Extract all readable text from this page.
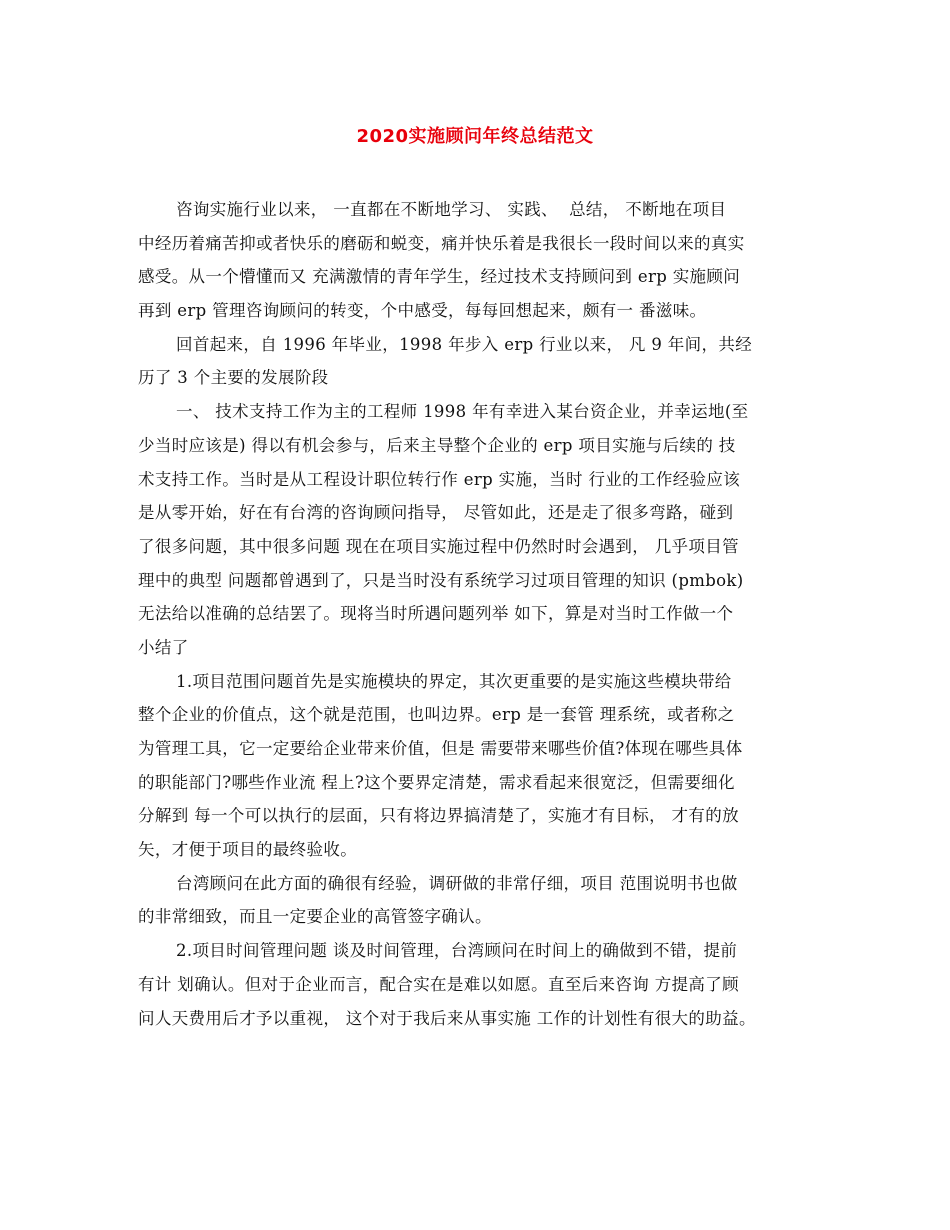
2020实施顾问年终总结范文
咨询实施行业以来， 一直都在不断地学习、 实践、  总结， 不断地在项目
中经历着痛苦抑或者快乐的磨砺和蜕变，痛并快乐着是我很长一段时间以来的真实
感受。从一个懵懂而又 充满激情的青年学生，经过技术支持顾问到 erp 实施顾问
再到 erp 管理咨询顾问的转变，个中感受，每每回想起来，颇有一 番滋味。
回首起来，自 1996 年毕业，1998 年步入 erp 行业以来， 凡 9 年间，共经
历了 3 个主要的发展阶段
一、 技术支持工作为主的工程师 1998 年有幸进入某台资企业，并幸运地(至
少当时应该是) 得以有机会参与，后来主导整个企业的 erp 项目实施与后续的 技
术支持工作。当时是从工程设计职位转行作 erp 实施，当时 行业的工作经验应该
是从零开始，好在有台湾的咨询顾问指导， 尽管如此，还是走了很多弯路，碰到
了很多问题，其中很多问题 现在在项目实施过程中仍然时时会遇到， 几乎项目管
理中的典型 问题都曾遇到了，只是当时没有系统学习过项目管理的知识 (pmbok)
无法给以准确的总结罢了。现将当时所遇问题列举 如下，算是对当时工作做一个
小结了
1.项目范围问题首先是实施模块的界定，其次更重要的是实施这些模块带给
整个企业的价值点，这个就是范围，也叫边界。erp 是一套管 理系统，或者称之
为管理工具，它一定要给企业带来价值，但是 需要带来哪些价值?体现在哪些具体
的职能部门?哪些作业流 程上?这个要界定清楚，需求看起来很宽泛，但需要细化
分解到 每一个可以执行的层面，只有将边界搞清楚了，实施才有目标， 才有的放
矢，才便于项目的最终验收。
台湾顾问在此方面的确很有经验，调研做的非常仔细，项目 范围说明书也做
的非常细致，而且一定要企业的高管签字确认。
2.项目时间管理问题 谈及时间管理，台湾顾问在时间上的确做到不错，提前
有计 划确认。但对于企业而言，配合实在是难以如愿。直至后来咨询 方提高了顾
问人天费用后才予以重视， 这个对于我后来从事实施 工作的计划性有很大的助益。
